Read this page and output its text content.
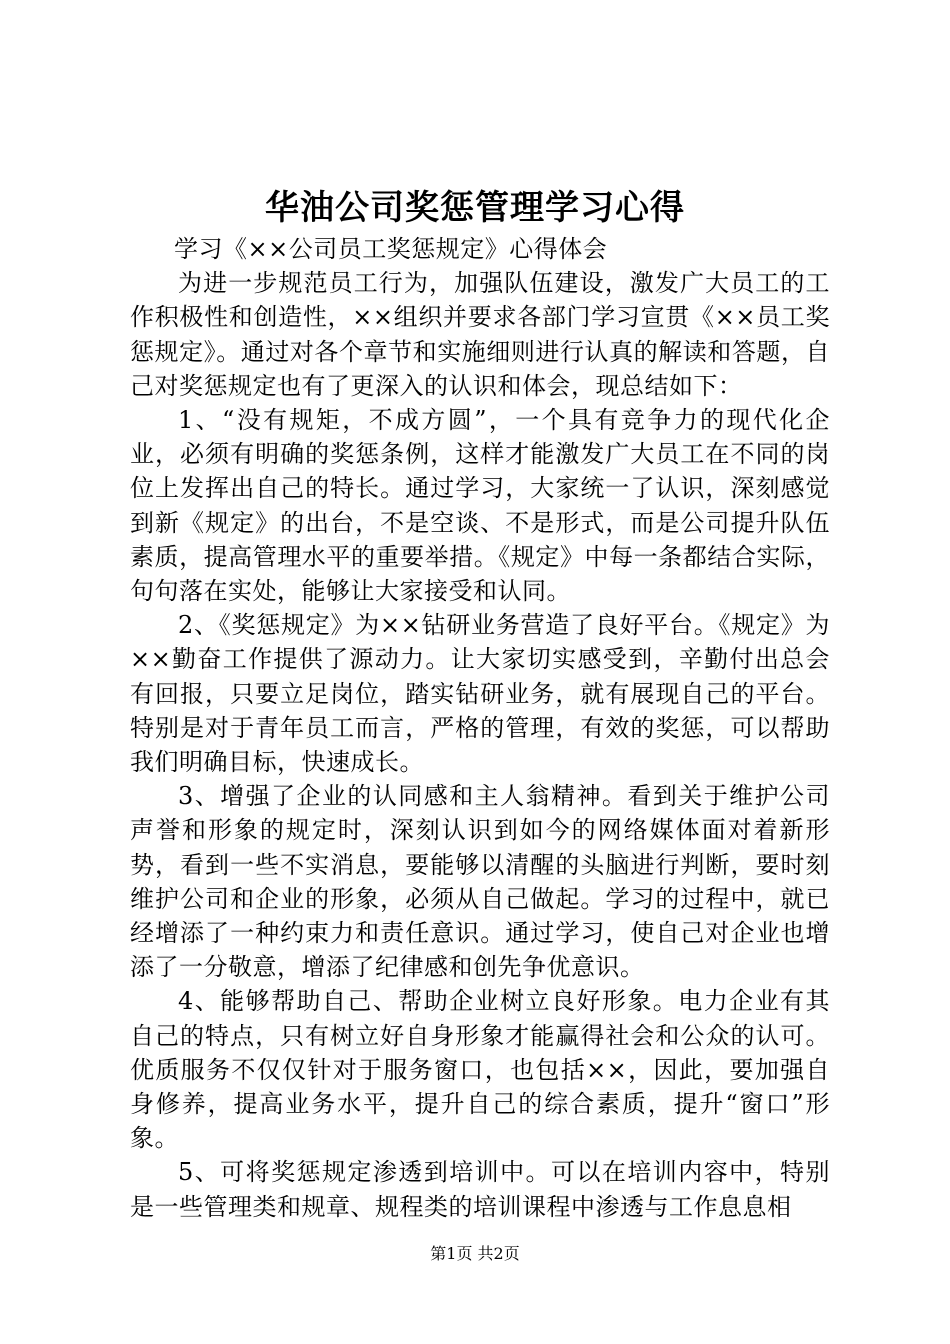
华油公司奖惩管理学习心得

学习《××公司员工奖惩规定》心得体会

为进一步规范员工行为，加强队伍建设，激发广大员工的工作积极性和创造性，××组织并要求各部门学习宣贯《××员工奖惩规定》。通过对各个章节和实施细则进行认真的解读和答题，自己对奖惩规定也有了更深入的认识和体会，现总结如下：

1、“没有规矩，不成方圆”，一个具有竞争力的现代化企业，必须有明确的奖惩条例，这样才能激发广大员工在不同的岗位上发挥出自己的特长。通过学习，大家统一了认识，深刻感觉到新《规定》的出台，不是空谈、不是形式，而是公司提升队伍素质，提高管理水平的重要举措。《规定》中每一条都结合实际，句句落在实处，能够让大家接受和认同。

2、《奖惩规定》为××钻研业务营造了良好平台。《规定》为××勤奋工作提供了源动力。让大家切实感受到，辛勤付出总会有回报，只要立足岗位，踏实钻研业务，就有展现自己的平台。特别是对于青年员工而言，严格的管理，有效的奖惩，可以帮助我们明确目标，快速成长。

3、增强了企业的认同感和主人翁精神。看到关于维护公司声誉和形象的规定时，深刻认识到如今的网络媒体面对着新形势，看到一些不实消息，要能够以清醒的头脑进行判断，要时刻维护公司和企业的形象，必须从自己做起。学习的过程中，就已经增添了一种约束力和责任意识。通过学习，使自己对企业也增添了一分敬意，增添了纪律感和创先争优意识。

4、能够帮助自己、帮助企业树立良好形象。电力企业有其自己的特点，只有树立好自身形象才能赢得社会和公众的认可。优质服务不仅仅针对于服务窗口，也包括××，因此，要加强自身修养，提高业务水平，提升自己的综合素质，提升“窗口”形象。

5、可将奖惩规定渗透到培训中。可以在培训内容中，特别是一些管理类和规章、规程类的培训课程中渗透与工作息息相

第1页 共2页
